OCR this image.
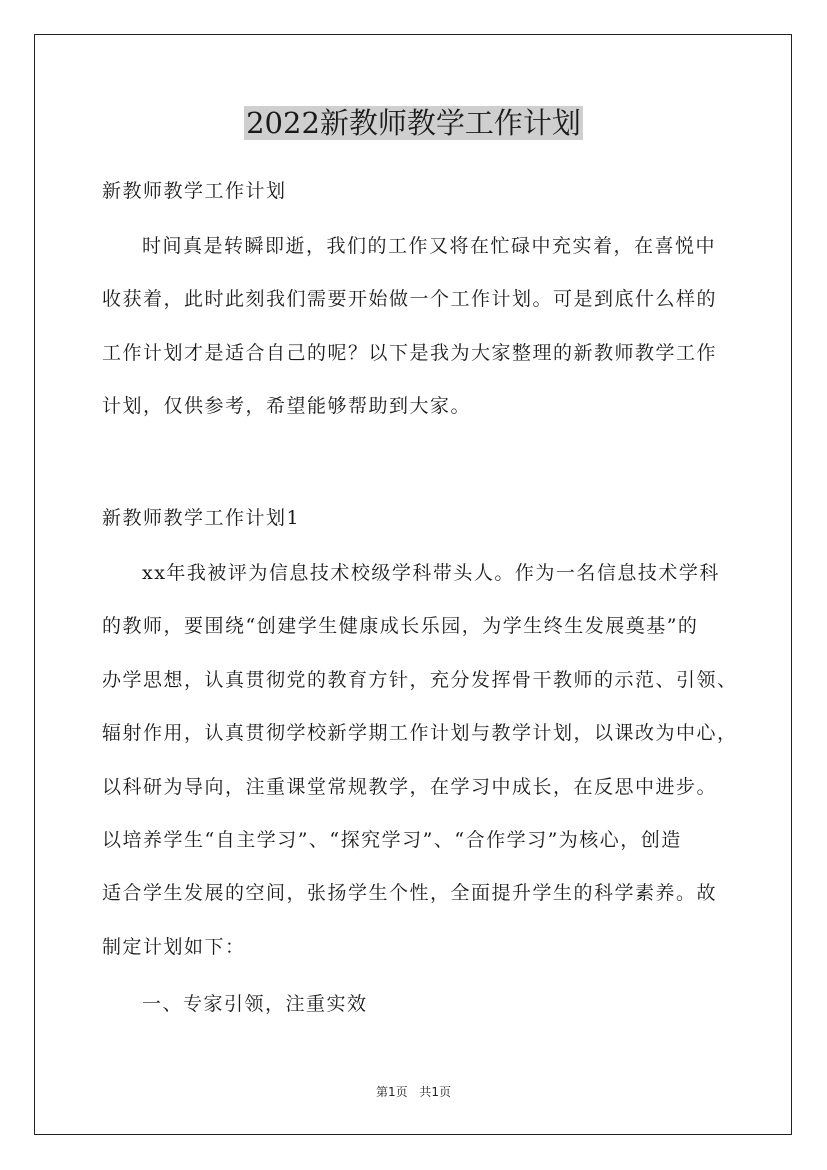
2022新教师教学工作计划

新教师教学工作计划

时间真是转瞬即逝，我们的工作又将在忙碌中充实着，在喜悦中
收获着，此时此刻我们需要开始做一个工作计划。可是到底什么样的
工作计划才是适合自己的呢？以下是我为大家整理的新教师教学工作
计划，仅供参考，希望能够帮助到大家。

新教师教学工作计划1

xx年我被评为信息技术校级学科带头人。作为一名信息技术学科
的教师，要围绕“创建学生健康成长乐园，为学生终生发展奠基”的
办学思想，认真贯彻党的教育方针，充分发挥骨干教师的示范、引领、
辐射作用，认真贯彻学校新学期工作计划与教学计划，以课改为中心，
以科研为导向，注重课堂常规教学，在学习中成长，在反思中进步。
以培养学生“自主学习”、“探究学习”、“合作学习”为核心，创造
适合学生发展的空间，张扬学生个性，全面提升学生的科学素养。故
制定计划如下：

一、专家引领，注重实效

第1页 共1页
